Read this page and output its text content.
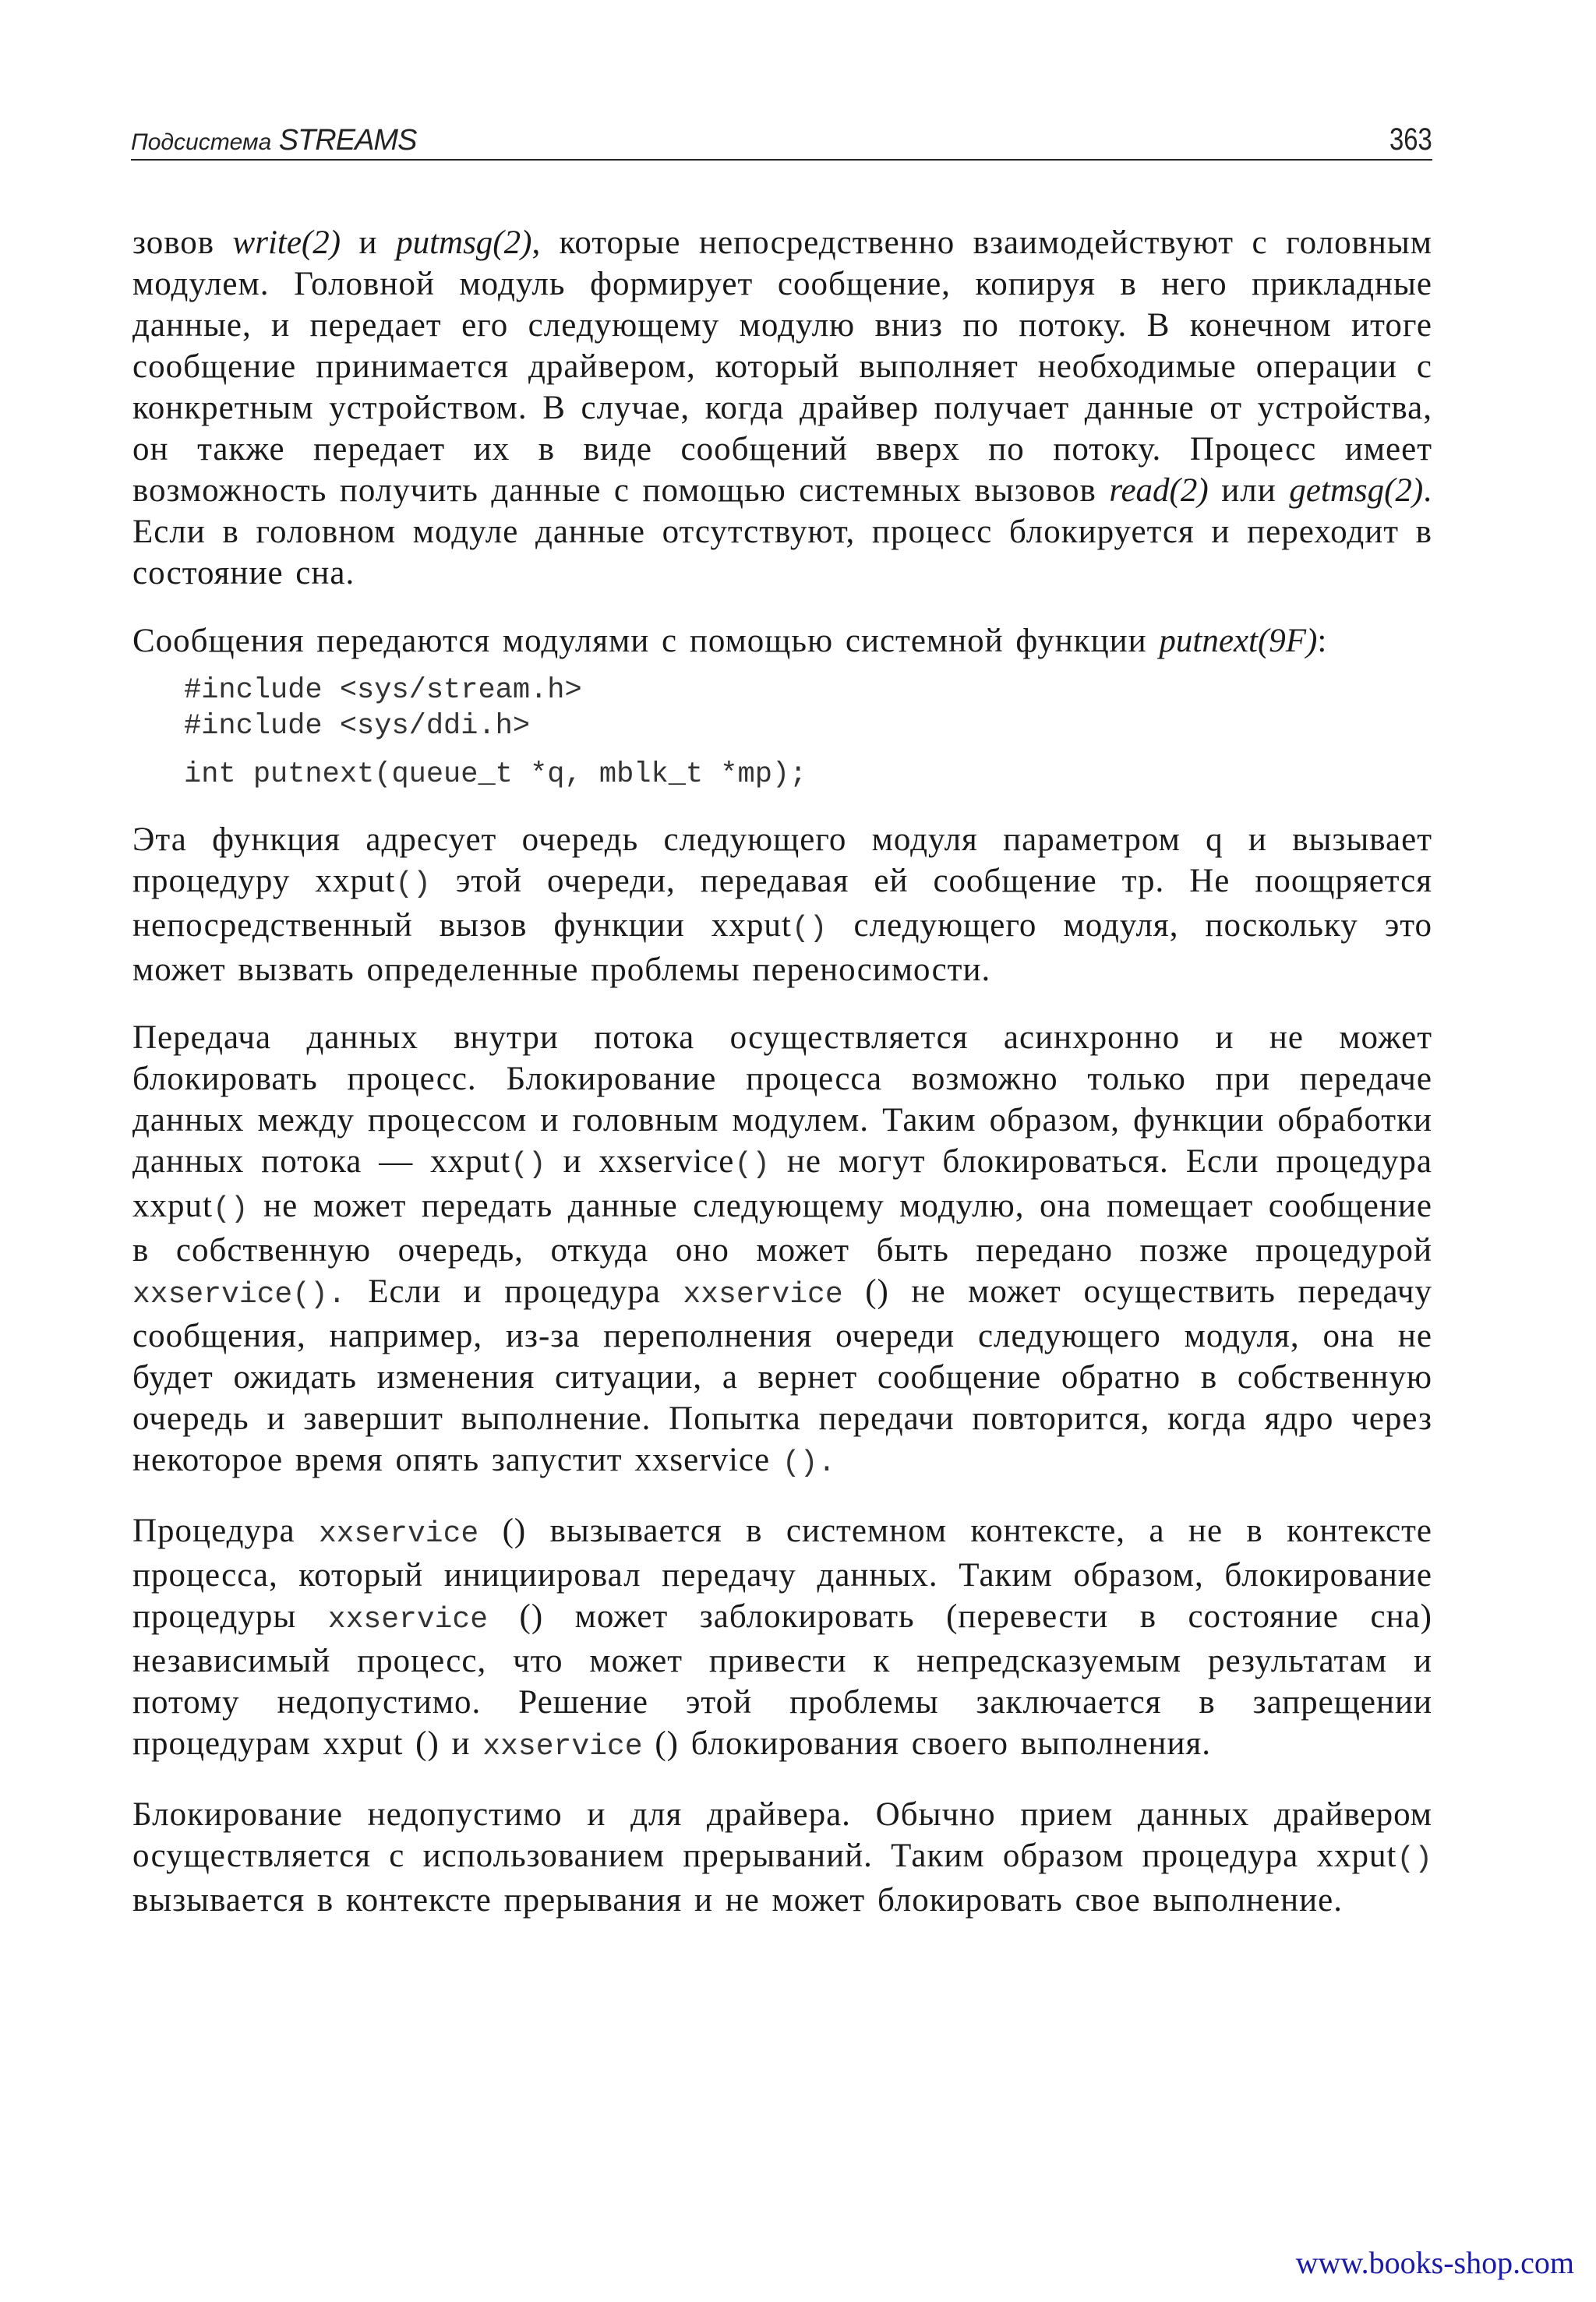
Подсистема STREAMS	363

зовов write(2) и putmsg(2), которые непосредственно взаимодействуют с головным модулем. Головной модуль формирует сообщение, копируя в него прикладные данные, и передает его следующему модулю вниз по потоку. В конечном итоге сообщение принимается драйвером, который выполняет необходимые операции с конкретным устройством. В случае, когда драйвер получает данные от устройства, он также передает их в виде сообщений вверх по потоку. Процесс имеет возможность получить данные с помощью системных вызовов read(2) или getmsg(2). Если в головном модуле данные отсутствуют, процесс блокируется и переходит в состояние сна.

Сообщения передаются модулями с помощью системной функции putnext(9F):

#include <sys/stream.h>
#include <sys/ddi.h>
int putnext(queue_t *q, mblk_t *mp);

Эта функция адресует очередь следующего модуля параметром q и вызывает процедуру xxput() этой очереди, передавая ей сообщение тр. Не поощряется непосредственный вызов функции xxput() следующего модуля, поскольку это может вызвать определенные проблемы переносимости.

Передача данных внутри потока осуществляется асинхронно и не может блокировать процесс. Блокирование процесса возможно только при передаче данных между процессом и головным модулем. Таким образом, функции обработки данных потока — xxput() и xxservice() не могут блокироваться. Если процедура xxput() не может передать данные следующему модулю, она помещает сообщение в собственную очередь, откуда оно может быть передано позже процедурой xxservice(). Если и процедура xxservice () не может осуществить передачу сообщения, например, из-за переполнения очереди следующего модуля, она не будет ожидать изменения ситуации, а вернет сообщение обратно в собственную очередь и завершит выполнение. Попытка передачи повторится, когда ядро через некоторое время опять запустит xxservice ().

Процедура xxservice () вызывается в системном контексте, а не в контексте процесса, который инициировал передачу данных. Таким образом, блокирование процедуры xxservice () может заблокировать (перевести в состояние сна) независимый процесс, что может привести к непредсказуемым результатам и потому недопустимо. Решение этой проблемы заключается в запрещении процедурам xxput () и xxservice () блокирования своего выполнения.

Блокирование недопустимо и для драйвера. Обычно прием данных драйвером осуществляется с использованием прерываний. Таким образом процедура xxput() вызывается в контексте прерывания и не может блокировать свое выполнение.

www.books-shop.com
